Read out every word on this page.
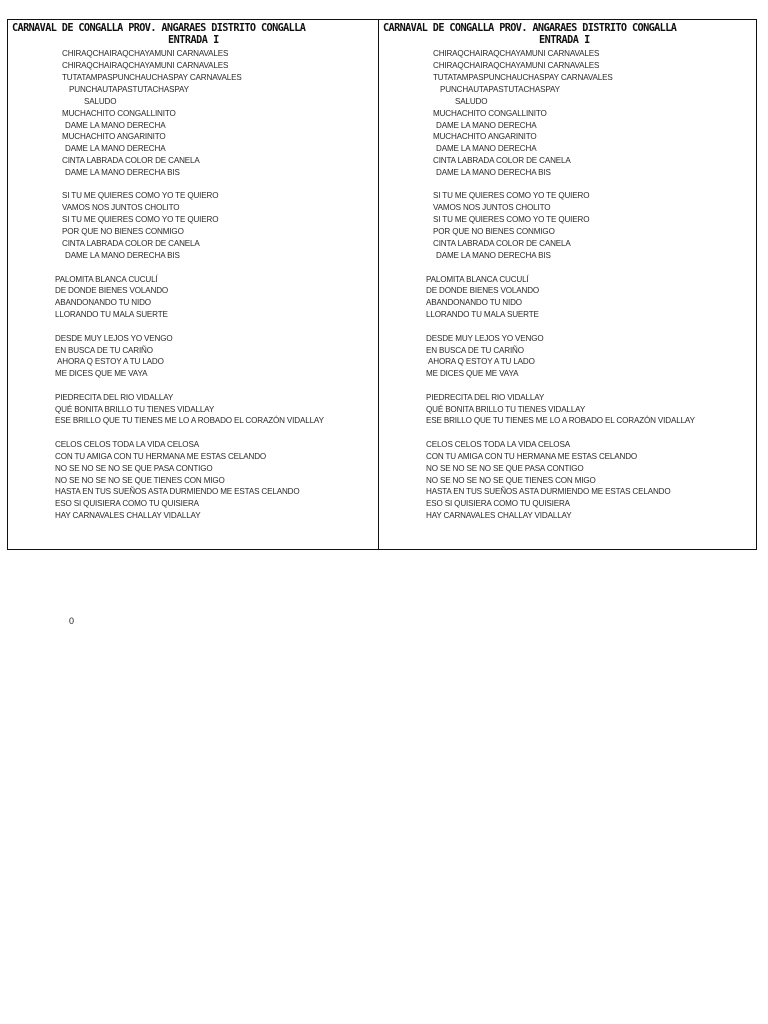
CARNAVAL DE CONGALLA PROV. ANGARAES DISTRITO CONGALLA
ENTRADA I
CHIRAQCHAIRAQCHAYAMUNI CARNAVALES
CHIRAQCHAIRAQCHAYAMUNI CARNAVALES
TUTATAMPASPUNCHAUCHASPAY CARNAVALES
PUNCHAUTAPASTUTACHASPAY
SALUDO
MUCHACHITO CONGALLINITO
DAME LA MANO DERECHA
MUCHACHITO ANGARINITO
DAME LA MANO DERECHA
CINTA LABRADA COLOR DE CANELA
DAME LA MANO DERECHA BIS
SI TU ME QUIERES COMO YO TE QUIERO
VAMOS NOS JUNTOS CHOLITO
SI TU ME QUIERES COMO YO TE QUIERO
POR QUE NO BIENES CONMIGO
CINTA LABRADA COLOR DE CANELA
DAME LA MANO DERECHA BIS
PALOMITA BLANCA CUCULÍ
DE DONDE BIENES VOLANDO
ABANDONANDO TU NIDO
LLORANDO TU MALA SUERTE
DESDE MUY LEJOS YO VENGO
EN BUSCA DE TU CARIÑO
AHORA Q ESTOY A TU LADO
ME DICES QUE ME VAYA
PIEDRECITA DEL RIO VIDALLAY
QUÉ BONITA BRILLO TU TIENES VIDALLAY
ESE BRILLO QUE TU TIENES ME LO A ROBADO EL CORAZÓN VIDALLAY
CELOS CELOS TODA LA VIDA CELOSA
CON TU AMIGA CON TU HERMANA ME ESTAS CELANDO
NO SE NO SE NO SE QUE PASA CONTIGO
NO SE NO SE NO SE QUE TIENES CON MIGO
HASTA EN TUS SUEÑOS ASTA DURMIENDO ME ESTAS CELANDO
ESO SI QUISIERA COMO TU QUISIERA
HAY CARNAVALES CHALLAY VIDALLAY
CARNAVAL DE CONGALLA PROV. ANGARAES DISTRITO CONGALLA
ENTRADA I
CHIRAQCHAIRAQCHAYAMUNI CARNAVALES
CHIRAQCHAIRAQCHAYAMUNI CARNAVALES
TUTATAMPASPUNCHAUCHASPAY CARNAVALES
PUNCHAUTAPASTUTACHASPAY
SALUDO
MUCHACHITO CONGALLINITO
DAME LA MANO DERECHA
MUCHACHITO ANGARINITO
DAME LA MANO DERECHA
CINTA LABRADA COLOR DE CANELA
DAME LA MANO DERECHA BIS
SI TU ME QUIERES COMO YO TE QUIERO
VAMOS NOS JUNTOS CHOLITO
SI TU ME QUIERES COMO YO TE QUIERO
POR QUE NO BIENES CONMIGO
CINTA LABRADA COLOR DE CANELA
DAME LA MANO DERECHA BIS
PALOMITA BLANCA CUCULÍ
DE DONDE BIENES VOLANDO
ABANDONANDO TU NIDO
LLORANDO TU MALA SUERTE
DESDE MUY LEJOS YO VENGO
EN BUSCA DE TU CARIÑO
AHORA Q ESTOY A TU LADO
ME DICES QUE ME VAYA
PIEDRECITA DEL RIO VIDALLAY
QUÉ BONITA BRILLO TU TIENES VIDALLAY
ESE BRILLO QUE TU TIENES ME LO A ROBADO EL CORAZÓN VIDALLAY
CELOS CELOS TODA LA VIDA CELOSA
CON TU AMIGA CON TU HERMANA ME ESTAS CELANDO
NO SE NO SE NO SE QUE PASA CONTIGO
NO SE NO SE NO SE QUE TIENES CON MIGO
HASTA EN TUS SUEÑOS ASTA DURMIENDO ME ESTAS CELANDO
ESO SI QUISIERA COMO TU QUISIERA
HAY CARNAVALES CHALLAY VIDALLAY
0
